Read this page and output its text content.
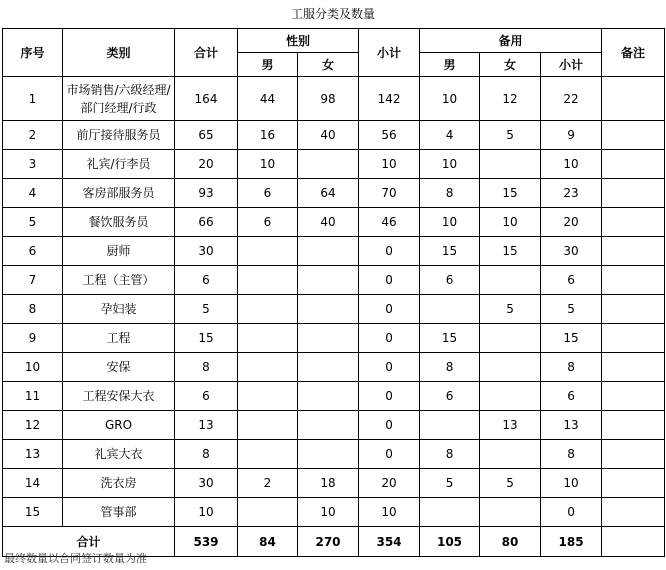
工服分类及数量
序号	类别	合计	性别		小计	备用			备注
			男	女		男	女	小计	
1	市场销售/六级经理/部门经理/行政	164	44	98	142	10	12	22	
2	前厅接待服务员	65	16	40	56	4	5	9	
3	礼宾/行李员	20	10		10	10		10	
4	客房部服务员	93	6	64	70	8	15	23	
5	餐饮服务员	66	6	40	46	10	10	20	
6	厨师	30			0	15	15	30	
7	工程（主管）	6			0	6		6	
8	孕妇装	5			0		5	5	
9	工程	15			0	15		15	
10	安保	8			0	8		8	
11	工程安保大衣	6			0	6		6	
12	GRO	13			0		13	13	
13	礼宾大衣	8			0	8		8	
14	洗衣房	30	2	18	20	5	5	10	
15	管事部	10		10	10			0	
合计		539	84	270	354	105	80	185	
最终数量以合同签订数量为准
